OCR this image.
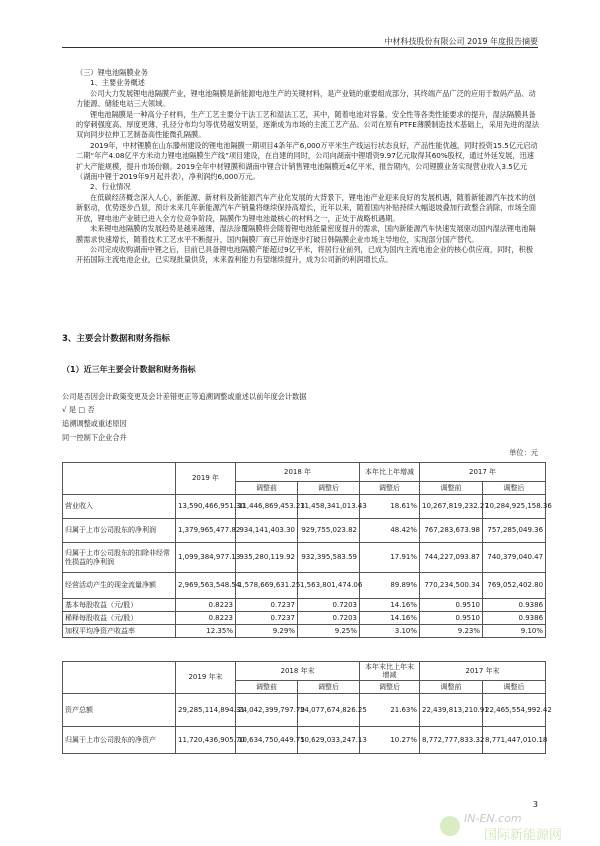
中材科技股份有限公司 2019 年度报告摘要

（三）锂电池隔膜业务

1、主要业务概述

公司大力发展锂电池隔膜产业，锂电池隔膜是新能源电池生产的关键材料，是产业链的重要组成部分，其终端产品广泛的应用于数码产品、动力能源、储能电站三大领域。

锂电池隔膜是一种高分子材料，生产工艺主要分干法工艺和湿法工艺，其中，随着电池对容量、安全性等各类性能要求的提升，湿法隔膜具备的穿刺强度高、厚度更薄、孔径分布均匀等优势越发明显，逐渐成为市场的主流工艺产品。公司在原有PTFE薄膜制造技术基础上，采用先进的湿法双向同步拉伸工艺制备高性能微孔隔膜。

2019年，中材锂膜在山东滕州建设的锂电池隔膜一期项目4条年产6,000万平米生产线运行状态良好，产品性能优越，同时投资15.5亿元启动二期“年产4.08亿平方米动力锂电池隔膜生产线”项目建设，在自建的同时，公司向湖南中锂增资9.97亿元取得其60%股权，通过外延发展，迅速扩大产能规模，提升市场份额。2019全年中材锂膜和湖南中锂合计销售锂电池隔膜近4亿平米，报告期内，公司锂膜业务实现营业收入3.5亿元（湖南中锂于2019年9月起并表），净利润约6,000万元。

2、行业情况

在低碳经济概念深入人心，新能源、新材料及新能源汽车产业化发展的大背景下，锂电池产业迎来良好的发展机遇，随着新能源汽车技术的创新驱动，优势逐步凸显，预计未来几年新能源汽车产销量将继续保持高增长，近年以来，随着国内补贴持续大幅退坡叠加行政整合消除，市场全面开放，锂电池产业链已进入全方位竞争阶段，隔膜作为锂电池最核心的材料之一，正处于战略机遇期。

未来锂电池隔膜的发展趋势是越来越薄，湿法涂覆隔膜将会随着锂电池能量密度提升的需求，国内新能源汽车快速发展驱动国内湿法锂电池隔膜需求快速增长，随着技术工艺水平不断提升，国内隔膜厂商已开始逐步打破日韩隔膜企业市场主导地位，实现部分国产替代。

公司完成收购湖南中锂之后，目前已具备锂电池隔膜产能超过9亿平米，将居行业前列，已成为国内主流电池企业的核心供应商，同时，积极开拓国际主流电池企业，已实现批量供货，未来盈利能力有望继续提升，成为公司新的利润增长点。

3、主要会计数据和财务指标
（1）近三年主要会计数据和财务指标
公司是否因会计政策变更及会计差错更正等追溯调整或重述以前年度会计数据
√ 是 □ 否
追溯调整或重述原因
同一控制下企业合并
单位：元
	2019 年	2018 年		本年比上年增减	2017 年	
		调整前	调整后	调整后	调整前	调整后
营业收入	13,590,466,951.30	11,446,869,453.23	11,458,341,013.43	18.61%	10,267,819,232.27	10,284,925,158.36
归属于上市公司股东的净利润	1,379,965,477.82	934,141,403.30	929,755,023.82	48.42%	767,283,673.98	757,285,049.36
归属于上市公司股东的扣除非经常性损益的净利润	1,099,384,977.13	935,280,119.92	932,395,583.59	17.91%	744,227,093.87	740,379,040.47
经营活动产生的现金流量净额	2,969,563,548.54	1,578,669,631.25	1,563,801,474.06	89.89%	770,234,500.34	769,052,402.80
基本每股收益（元/股）	0.8223	0.7237	0.7203	14.16%	0.9510	0.9386
稀释每股收益（元/股）	0.8223	0.7237	0.7203	14.16%	0.9510	0.9386
加权平均净资产收益率	12.35%	9.29%	9.25%	3.10%	9.23%	9.10%
	2019 年末	2018 年末		本年末比上年末增减	2017 年末	
		调整前	调整后	调整后	调整前	调整后
资产总额	29,285,114,894.31	24,042,399,797.79	24,077,674,826.25	21.63%	22,439,813,210.91	22,465,554,992.42
归属于上市公司股东的净资产	11,720,436,905.70	10,634,750,449.75	10,629,033,247.13	10.27%	8,772,777,833.32	8,771,447,010.18
3
IN-EN.com
国际新能源网
